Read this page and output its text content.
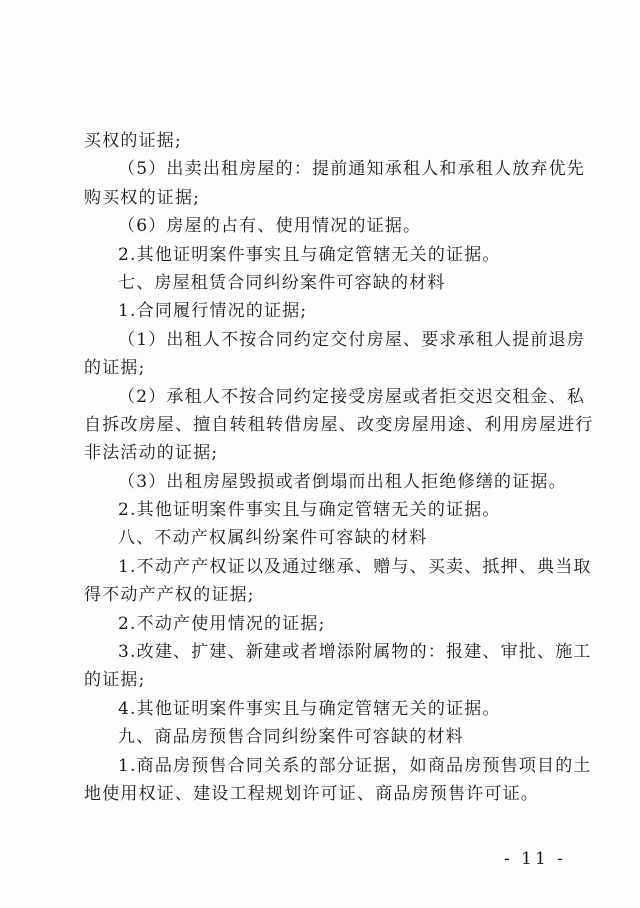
买权的证据;
（5）出卖出租房屋的：提前通知承租人和承租人放弃优先
购买权的证据;
（6）房屋的占有、使用情况的证据。
2.其他证明案件事实且与确定管辖无关的证据。
七、房屋租赁合同纠纷案件可容缺的材料
1.合同履行情况的证据;
（1）出租人不按合同约定交付房屋、要求承租人提前退房
的证据;
（2）承租人不按合同约定接受房屋或者拒交迟交租金、私
自拆改房屋、擅自转租转借房屋、改变房屋用途、利用房屋进行
非法活动的证据;
（3）出租房屋毁损或者倒塌而出租人拒绝修缮的证据。
2.其他证明案件事实且与确定管辖无关的证据。
八、不动产权属纠纷案件可容缺的材料
1.不动产产权证以及通过继承、赠与、买卖、抵押、典当取
得不动产产权的证据;
2.不动产使用情况的证据;
3.改建、扩建、新建或者增添附属物的：报建、审批、施工
的证据;
4.其他证明案件事实且与确定管辖无关的证据。
九、商品房预售合同纠纷案件可容缺的材料
1.商品房预售合同关系的部分证据，如商品房预售项目的土
地使用权证、建设工程规划许可证、商品房预售许可证。
- 11 -
